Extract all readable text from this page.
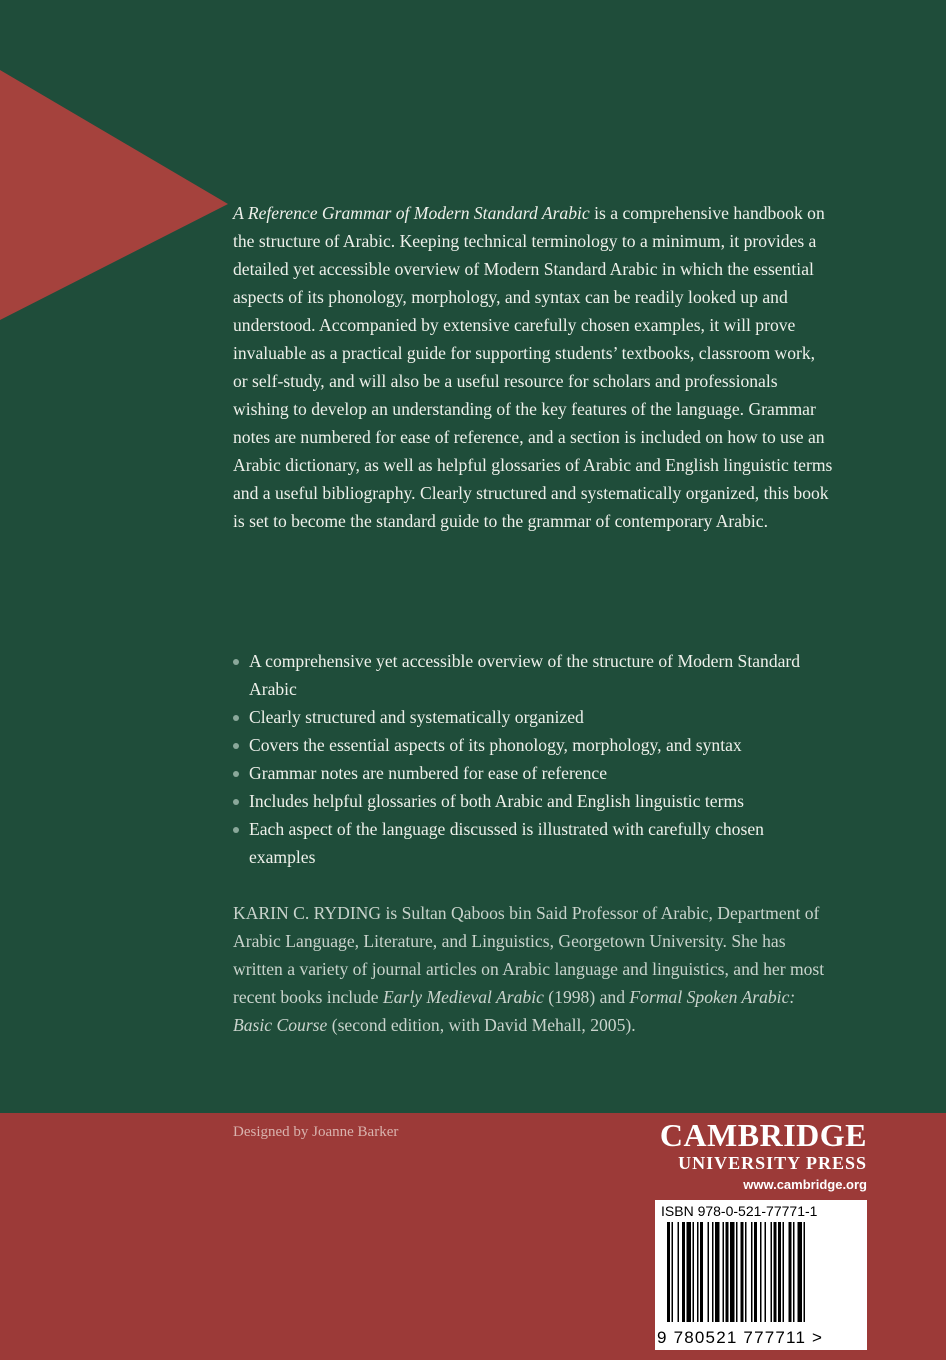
A Reference Grammar of Modern Standard Arabic is a comprehensive handbook on the structure of Arabic. Keeping technical terminology to a minimum, it provides a detailed yet accessible overview of Modern Standard Arabic in which the essential aspects of its phonology, morphology, and syntax can be readily looked up and understood. Accompanied by extensive carefully chosen examples, it will prove invaluable as a practical guide for supporting students’ textbooks, classroom work, or self-study, and will also be a useful resource for scholars and professionals wishing to develop an understanding of the key features of the language. Grammar notes are numbered for ease of reference, and a section is included on how to use an Arabic dictionary, as well as helpful glossaries of Arabic and English linguistic terms and a useful bibliography. Clearly structured and systematically organized, this book is set to become the standard guide to the grammar of contemporary Arabic.

A comprehensive yet accessible overview of the structure of Modern Standard Arabic
Clearly structured and systematically organized
Covers the essential aspects of its phonology, morphology, and syntax
Grammar notes are numbered for ease of reference
Includes helpful glossaries of both Arabic and English linguistic terms
Each aspect of the language discussed is illustrated with carefully chosen examples

KARIN C. RYDING is Sultan Qaboos bin Said Professor of Arabic, Department of Arabic Language, Literature, and Linguistics, Georgetown University. She has written a variety of journal articles on Arabic language and linguistics, and her most recent books include Early Medieval Arabic (1998) and Formal Spoken Arabic: Basic Course (second edition, with David Mehall, 2005).

Designed by Joanne Barker	CAMBRIDGE
UNIVERSITY PRESS
www.cambridge.org
ISBN 978-0-521-77771-1
9 780521 777711 >
